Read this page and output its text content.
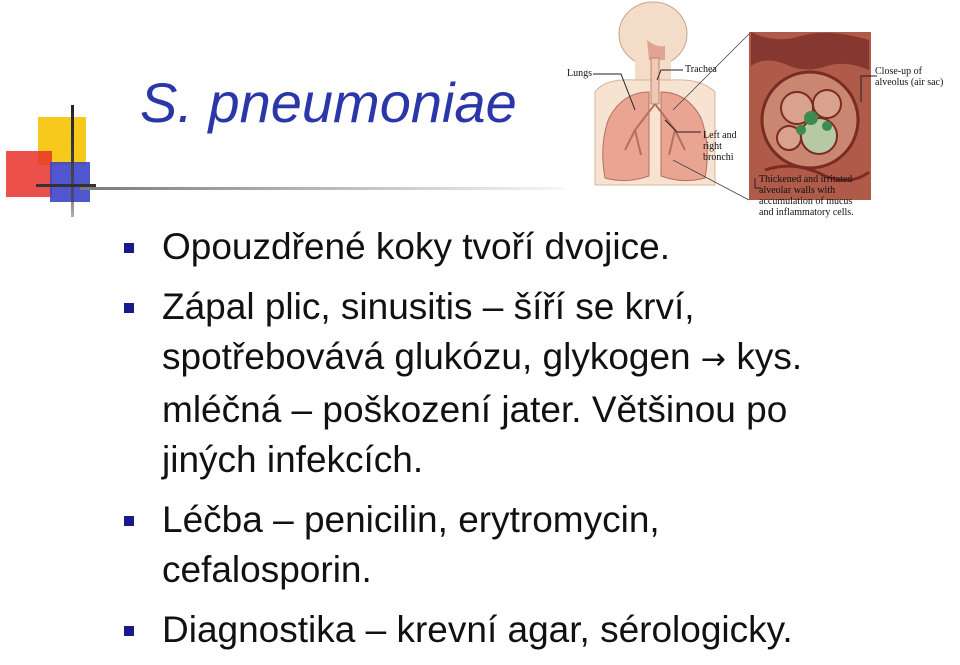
S. pneumoniae	Lungs	Trachea
Left and
right
bronchi
Close-up of
alveolus (air sac)
Thickened and irritated
alveolar walls with
accumulation of mucus
and inflammatory cells.
Opouzdřené koky tvoří dvojice.
Zápal plic, sinusitis – šíří se krví,
spotřebovává glukózu, glykogen → kys.
mléčná – poškození jater. Většinou po
jiných infekcích.
Léčba – penicilin, erytromycin,
cefalosporin.
Diagnostika – krevní agar, sérologicky.
